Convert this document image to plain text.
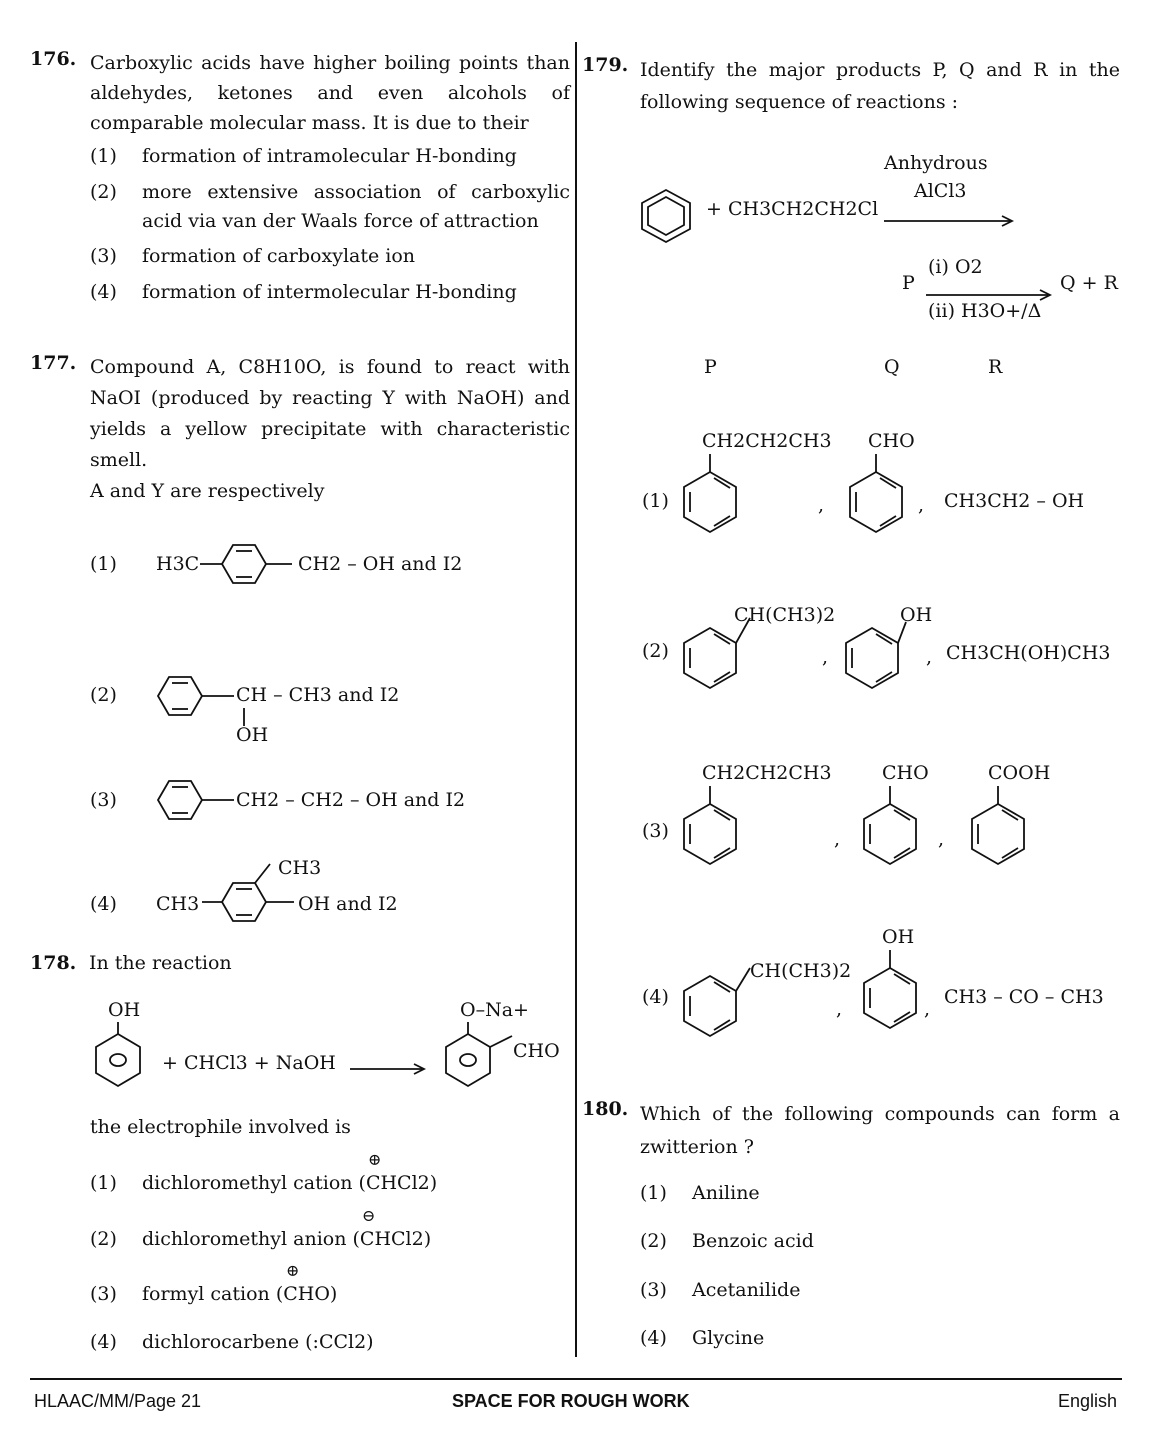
176. Carboxylic acids have higher boiling points than aldehydes, ketones and even alcohols of comparable molecular mass. It is due to their
(1) formation of intramolecular H-bonding
(2) more extensive association of carboxylic acid via van der Waals force of attraction
(3) formation of carboxylate ion
(4) formation of intermolecular H-bonding
177. Compound A, C8H10O, is found to react with NaOI (produced by reacting Y with NaOH) and yields a yellow precipitate with characteristic smell.
A and Y are respectively
(1) H3C	CH2 – OH and I2
(2)	CH – CH3 and I2
OH
(3)	CH2 – CH2 – OH and I2
(4) CH3
CH3
OH and I2
178. In the reaction
OH
+ CHCl3 + NaOH
O–Na+
CHO
the electrophile involved is
(1) dichloromethyl cation (CHCl2)
⊕
(2) dichloromethyl anion (CHCl2)
⊖
(3) formyl cation (CHO)
⊕
(4) dichlorocarbene (:CCl2)
179. Identify the major products P, Q and R in the following sequence of reactions :
Anhydrous
AlCl3
+ CH3CH2CH2Cl
P
(i) O2
(ii) H3O+/Δ
Q + R
P	Q	R
(1)
CH2CH2CH3
,
CHO
, CH3CH2 – OH
(2)
CH(CH3)2
,
OH
, CH3CH(OH)CH3
(3)
CH2CH2CH3
,
CHO
,
COOH
(4)
CH(CH3)2
,
OH
,
CH3 – CO – CH3
180. Which of the following compounds can form a zwitterion ?
(1) Aniline
(2) Benzoic acid
(3) Acetanilide
(4) Glycine
HLAAC/MM/Page 21	SPACE FOR ROUGH WORK	English
